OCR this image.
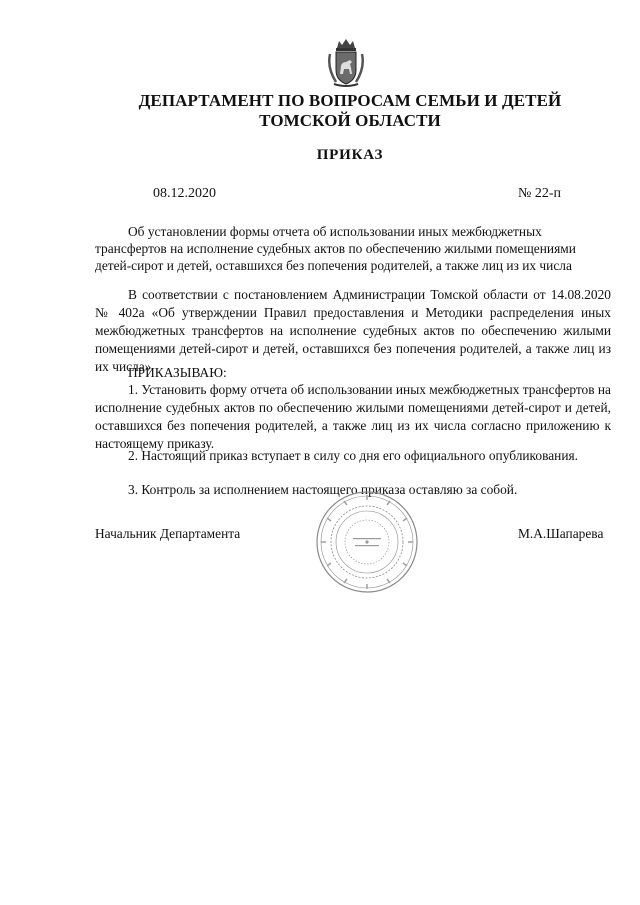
ДЕПАРТАМЕНТ ПО ВОПРОСАМ СЕМЬИ И ДЕТЕЙ
ТОМСКОЙ ОБЛАСТИ
ПРИКАЗ
08.12.2020	№ 22-п

Об установлении формы отчета об использовании иных межбюджетных трансфертов на исполнение судебных актов по обеспечению жилыми помещениями детей-сирот и детей, оставшихся без попечения родителей, а также лиц из их числа

В соответствии с постановлением Администрации Томской области от 14.08.2020 № 402а «Об утверждении Правил предоставления и Методики распределения иных межбюджетных трансфертов на исполнение судебных актов по обеспечению жилыми помещениями детей-сирот и детей, оставшихся без попечения родителей, а также лиц из их числа»

ПРИКАЗЫВАЮ:

1. Установить форму отчета об использовании иных межбюджетных трансфертов на исполнение судебных актов по обеспечению жилыми помещениями детей-сирот и детей, оставшихся без попечения родителей, а также лиц из их числа согласно приложению к настоящему приказу.

2. Настоящий приказ вступает в силу со дня его официального опубликования.

3. Контроль за исполнением настоящего приказа оставляю за собой.

Начальник Департамента	М.А.Шапарева
